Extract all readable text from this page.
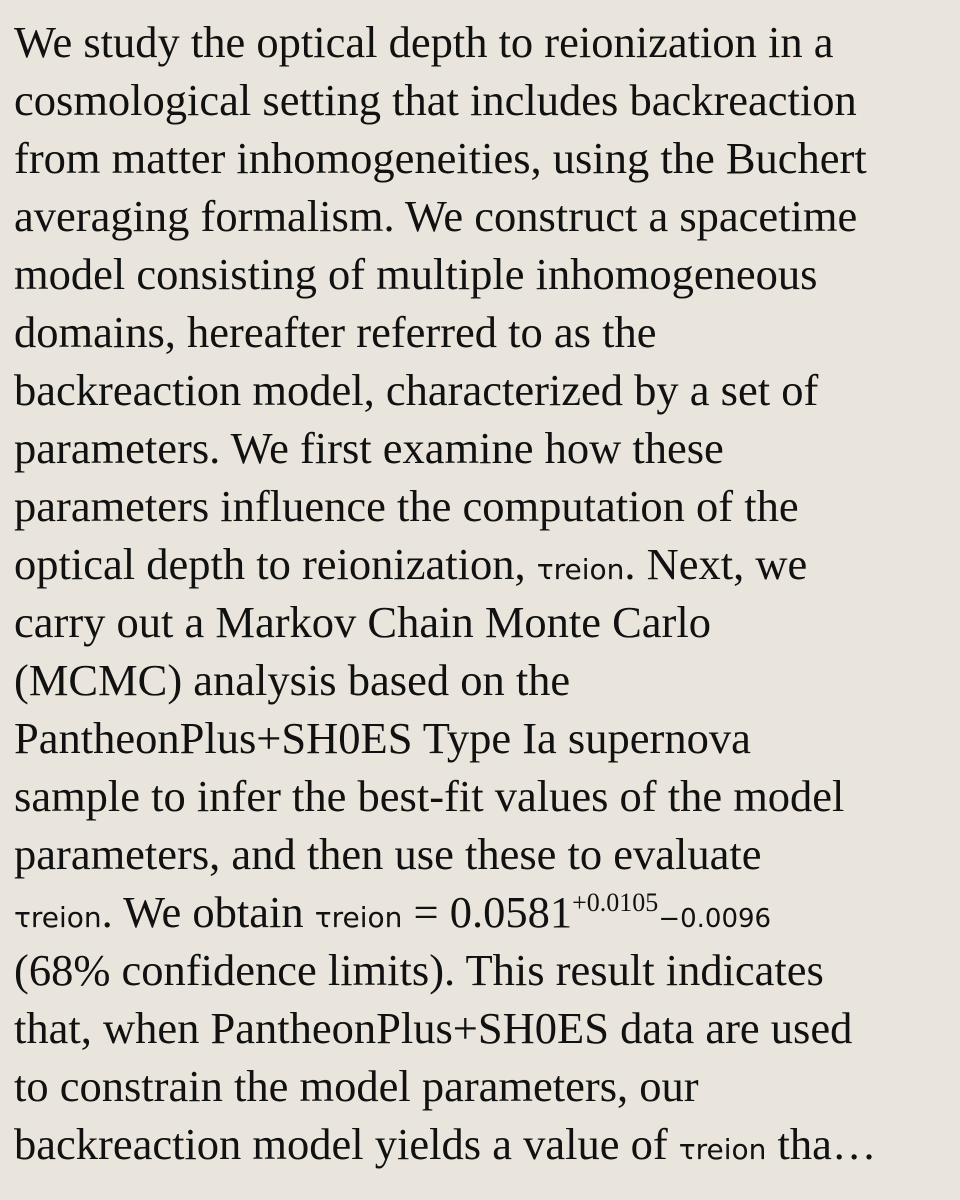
We study the optical depth to reionization in a
cosmological setting that includes backreaction
from matter inhomogeneities, using the Buchert
averaging formalism. We construct a spacetime
model consisting of multiple inhomogeneous
domains, hereafter referred to as the
backreaction model, characterized by a set of
parameters. We first examine how these
parameters influence the computation of the
optical depth to reionization, τreion. Next, we
carry out a Markov Chain Monte Carlo
(MCMC) analysis based on the
PantheonPlus+SH0ES Type Ia supernova
sample to infer the best-fit values of the model
parameters, and then use these to evaluate
τreion. We obtain τreion = $0.0581^{+0.0105}-0.0096$
(68% confidence limits). This result indicates
that, when PantheonPlus+SH0ES data are used
to constrain the model parameters, our
backreaction model yields a value of τreion tha…
